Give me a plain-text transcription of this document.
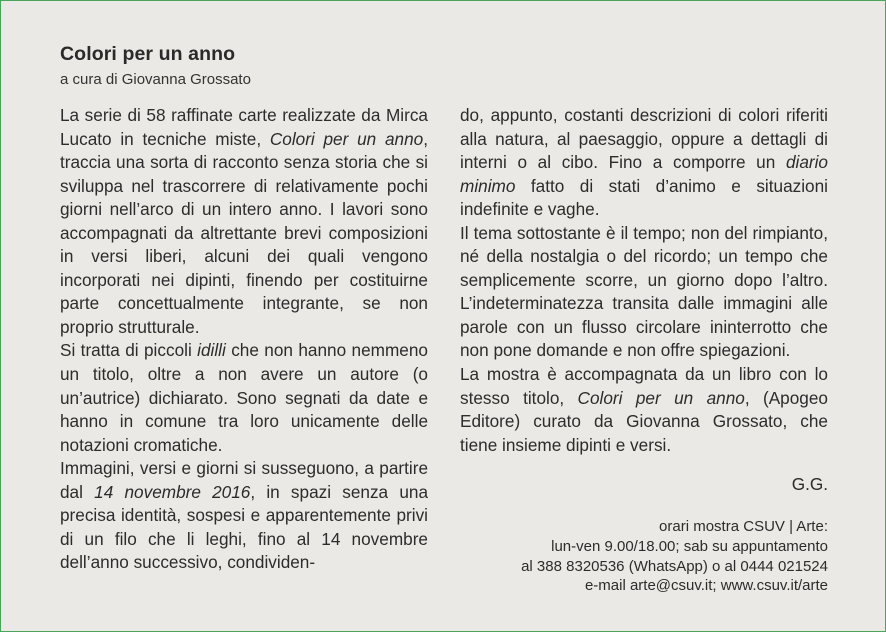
Colori per un anno

a cura di Giovanna Grossato

La serie di 58 raffinate carte realizzate da Mirca Lucato in tecniche miste, Colori per un anno, traccia una sorta di racconto senza storia che si sviluppa nel trascorrere di relativamente pochi giorni nell’arco di un intero anno. I lavori sono accompagnati da altrettante brevi composizioni in versi liberi, alcuni dei quali vengono incorporati nei dipinti, finendo per costituirne parte concettualmente integrante, se non proprio strutturale.

Si tratta di piccoli idilli che non hanno nemmeno un titolo, oltre a non avere un autore (o un’autrice) dichiarato. Sono segnati da date e hanno in comune tra loro unicamente delle notazioni cromatiche.

Immagini, versi e giorni si susseguono, a partire dal 14 novembre 2016, in spazi senza una precisa identità, sospesi e apparentemente privi di un filo che li leghi, fino al 14 novembre dell’anno successivo, condividen-

do, appunto, costanti descrizioni di colori riferiti alla natura, al paesaggio, oppure a dettagli di interni o al cibo. Fino a comporre un diario minimo fatto di stati d’animo e situazioni indefinite e vaghe.

Il tema sottostante è il tempo; non del rimpianto, né della nostalgia o del ricordo; un tempo che semplicemente scorre, un giorno dopo l’altro. L’indeterminatezza transita dalle immagini alle parole con un flusso circolare ininterrotto che non pone domande e non offre spiegazioni.

La mostra è accompagnata da un libro con lo stesso titolo, Colori per un anno, (Apogeo Editore) curato da Giovanna Grossato, che tiene insieme dipinti e versi.

G.G.

orari mostra CSUV | Arte:
lun-ven 9.00/18.00; sab su appuntamento
al 388 8320536 (WhatsApp) o al 0444 021524
e-mail arte@csuv.it; www.csuv.it/arte
